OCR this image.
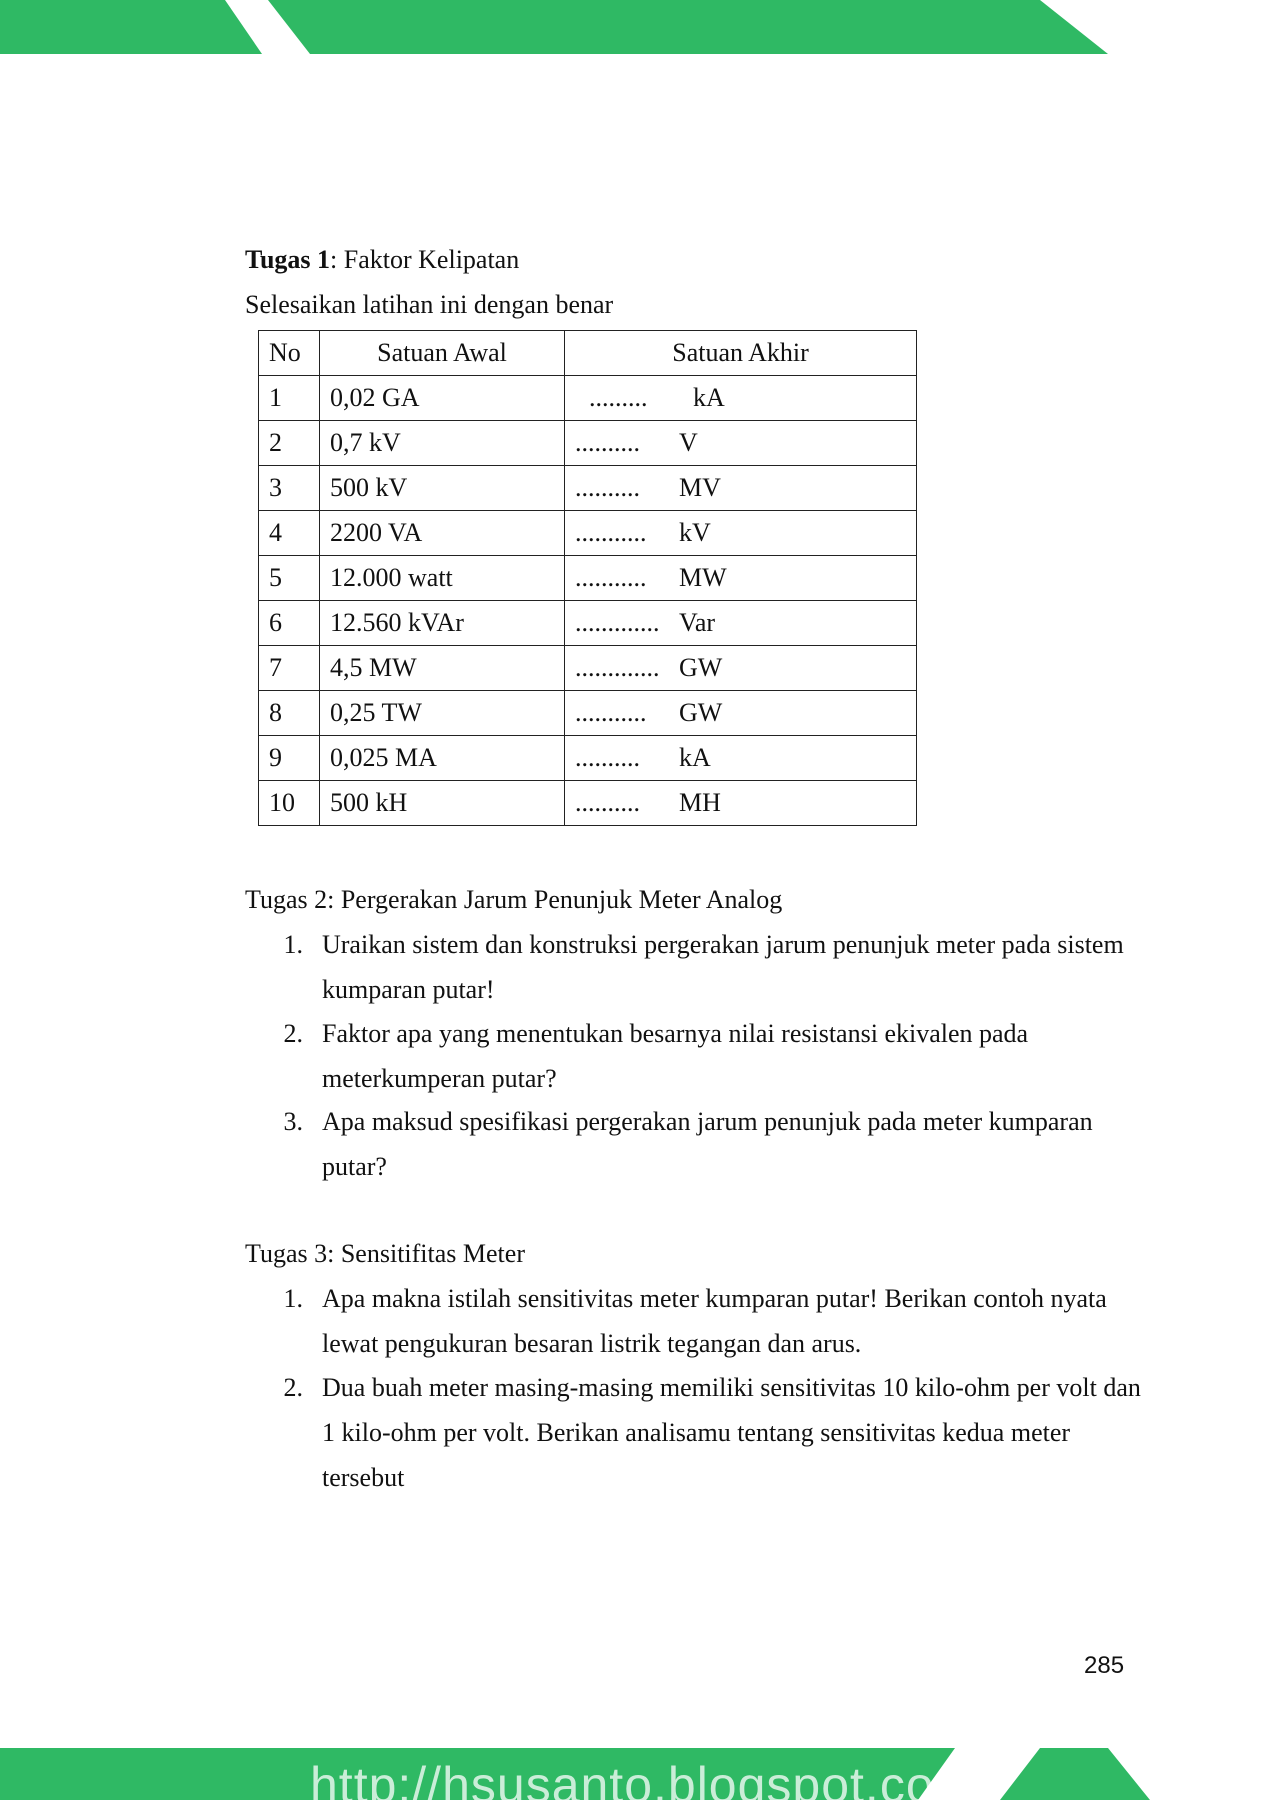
Tugas 1: Faktor Kelipatan
Selesaikan latihan ini dengan benar
No	Satuan Awal	Satuan Akhir
1	0,02 GA	......... kA
2	0,7 kV	.......... V
3	500 kV	.......... MV
4	2200 VA	........... kV
5	12.000 watt	........... MW
6	12.560 kVAr	............. Var
7	4,5 MW	............. GW
8	0,25 TW	........... GW
9	0,025 MA	.......... kA
10	500 kH	.......... MH
Tugas 2: Pergerakan Jarum Penunjuk Meter Analog
1. Uraikan sistem dan konstruksi pergerakan jarum penunjuk meter pada sistem kumparan putar!
2. Faktor apa yang menentukan besarnya nilai resistansi ekivalen pada meterkumperan putar?
3. Apa maksud spesifikasi pergerakan jarum penunjuk pada meter kumparan putar?
Tugas 3: Sensitifitas Meter
1. Apa makna istilah sensitivitas meter kumparan putar! Berikan contoh nyata lewat pengukuran besaran listrik tegangan dan arus.
2. Dua buah meter masing-masing memiliki sensitivitas 10 kilo-ohm per volt dan 1 kilo-ohm per volt. Berikan analisamu tentang sensitivitas kedua meter tersebut
285
http://hsusanto.blogspot.com
